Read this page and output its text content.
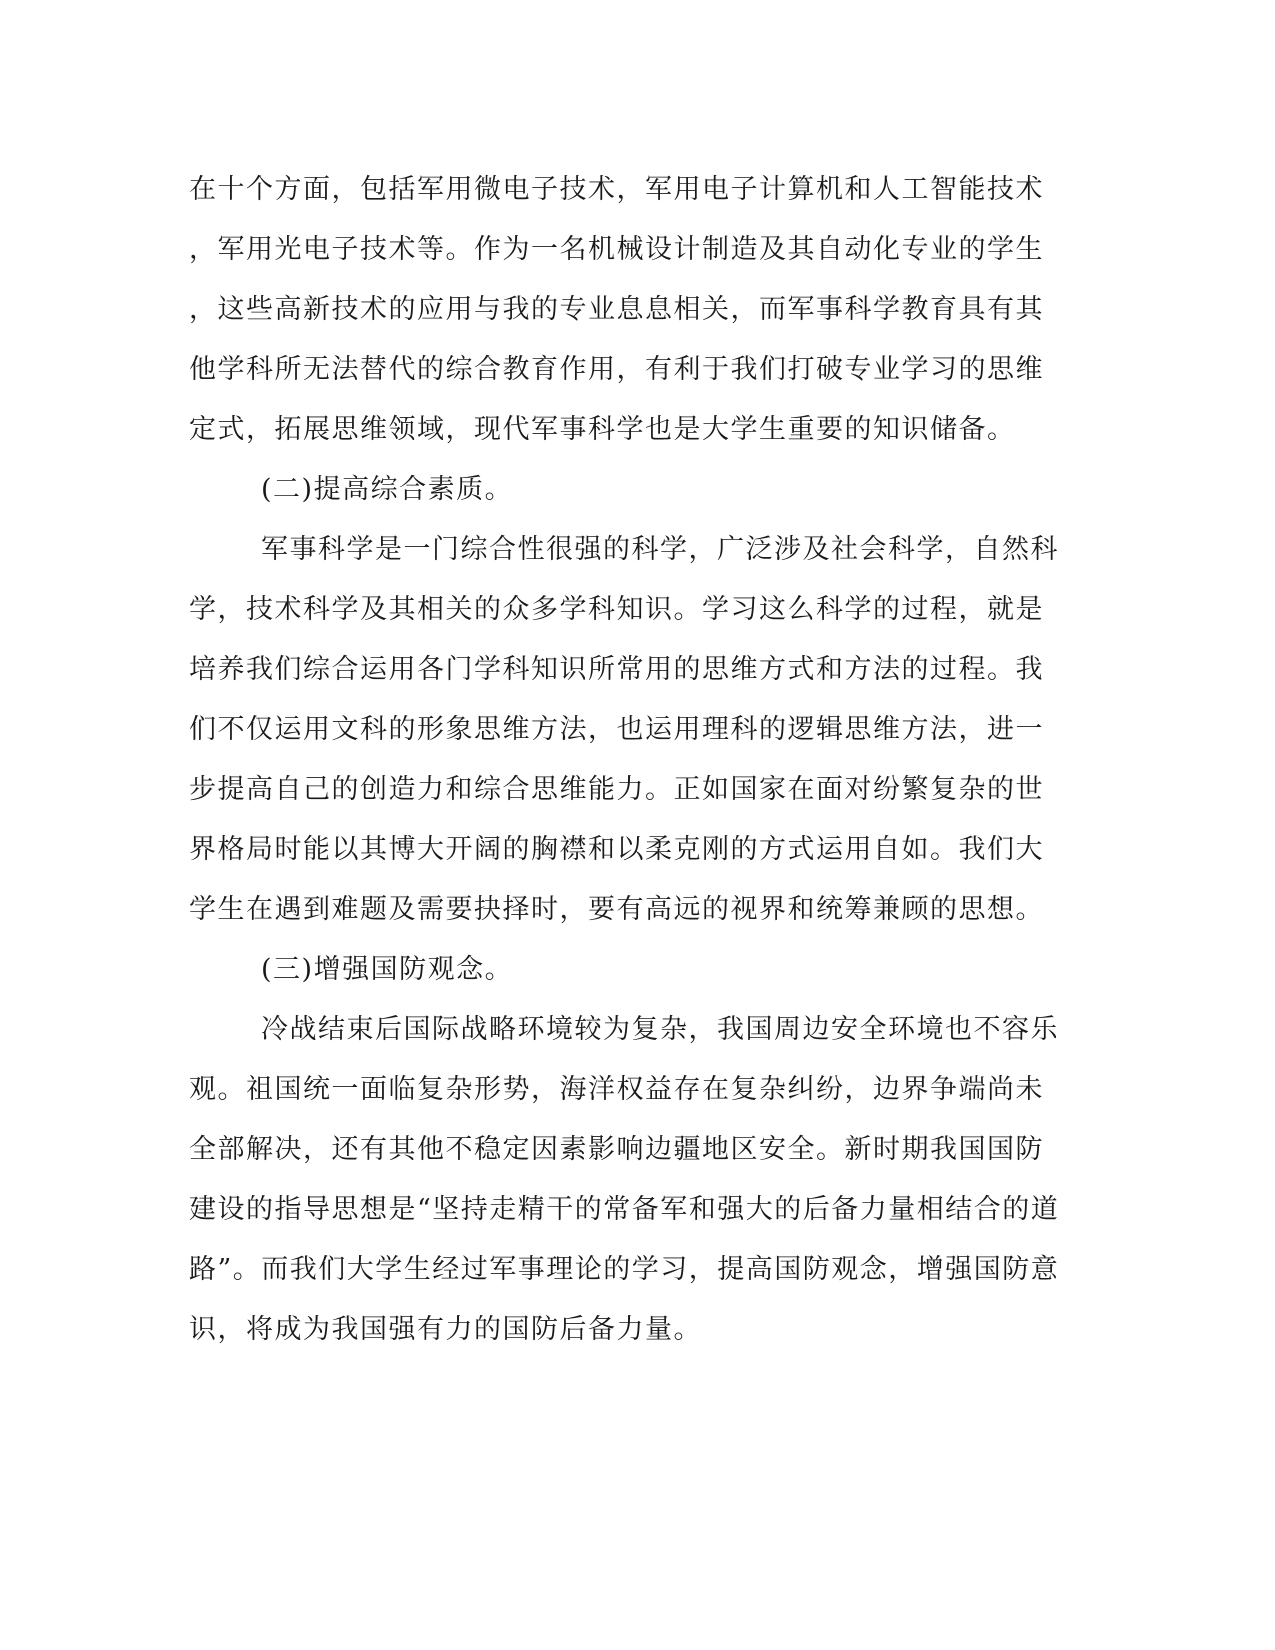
在十个方面，包括军用微电子技术，军用电子计算机和人工智能技术
，军用光电子技术等。作为一名机械设计制造及其自动化专业的学生
，这些高新技术的应用与我的专业息息相关，而军事科学教育具有其
他学科所无法替代的综合教育作用，有利于我们打破专业学习的思维
定式，拓展思维领域，现代军事科学也是大学生重要的知识储备。
(二)提高综合素质。
军事科学是一门综合性很强的科学，广泛涉及社会科学，自然科
学，技术科学及其相关的众多学科知识。学习这么科学的过程，就是
培养我们综合运用各门学科知识所常用的思维方式和方法的过程。我
们不仅运用文科的形象思维方法，也运用理科的逻辑思维方法，进一
步提高自己的创造力和综合思维能力。正如国家在面对纷繁复杂的世
界格局时能以其博大开阔的胸襟和以柔克刚的方式运用自如。我们大
学生在遇到难题及需要抉择时，要有高远的视界和统筹兼顾的思想。
(三)增强国防观念。
冷战结束后国际战略环境较为复杂，我国周边安全环境也不容乐
观。祖国统一面临复杂形势，海洋权益存在复杂纠纷，边界争端尚未
全部解决，还有其他不稳定因素影响边疆地区安全。新时期我国国防
建设的指导思想是“坚持走精干的常备军和强大的后备力量相结合的道
路”。而我们大学生经过军事理论的学习，提高国防观念，增强国防意
识，将成为我国强有力的国防后备力量。
